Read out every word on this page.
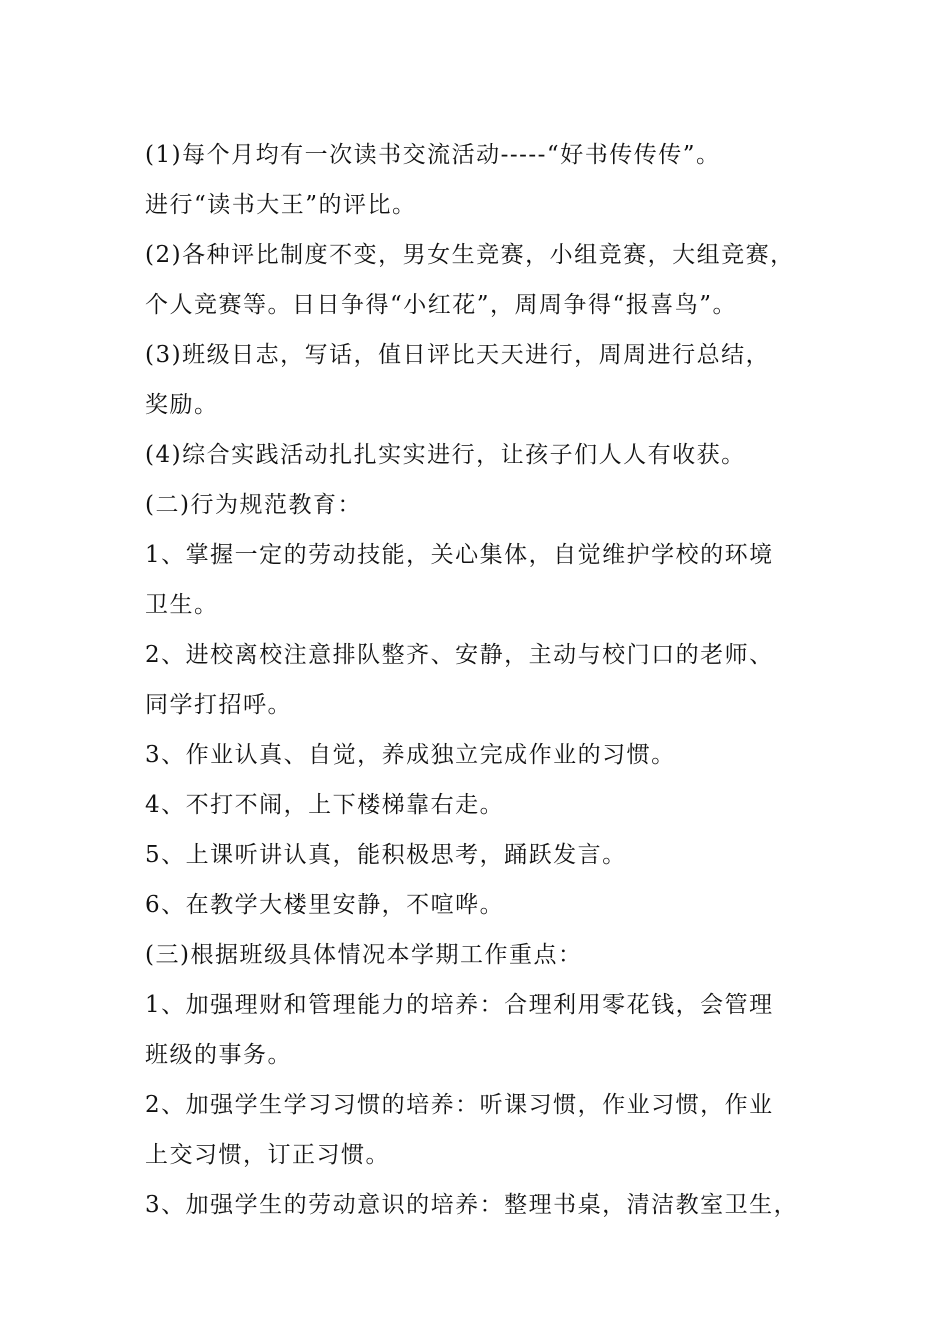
(1)每个月均有一次读书交流活动-----“好书传传传”。
进行“读书大王”的评比。
(2)各种评比制度不变，男女生竞赛，小组竞赛，大组竞赛，
个人竞赛等。日日争得“小红花”，周周争得“报喜鸟”。
(3)班级日志，写话，值日评比天天进行，周周进行总结，
奖励。
(4)综合实践活动扎扎实实进行，让孩子们人人有收获。
(二)行为规范教育：
1、掌握一定的劳动技能，关心集体，自觉维护学校的环境
卫生。
2、进校离校注意排队整齐、安静，主动与校门口的老师、
同学打招呼。
3、作业认真、自觉，养成独立完成作业的习惯。
4、不打不闹，上下楼梯靠右走。
5、上课听讲认真，能积极思考，踊跃发言。
6、在教学大楼里安静，不喧哗。
(三)根据班级具体情况本学期工作重点：
1、加强理财和管理能力的培养：合理利用零花钱，会管理
班级的事务。
2、加强学生学习习惯的培养：听课习惯，作业习惯，作业
上交习惯，订正习惯。
3、加强学生的劳动意识的培养：整理书桌，清洁教室卫生，
